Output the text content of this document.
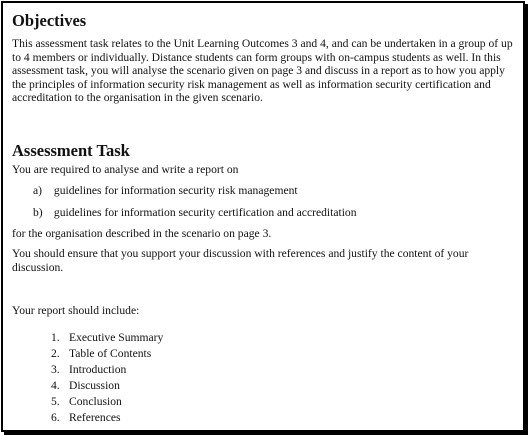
Objectives
This assessment task relates to the Unit Learning Outcomes 3 and 4, and can be undertaken in a group of up to 4 members or individually. Distance students can form groups with on-campus students as well. In this assessment task, you will analyse the scenario given on page 3 and discuss in a report as to how you apply the principles of information security risk management as well as information security certification and accreditation to the organisation in the given scenario.
Assessment Task
You are required to analyse and write a report on
a) guidelines for information security risk management
b) guidelines for information security certification and accreditation
for the organisation described in the scenario on page 3.
You should ensure that you support your discussion with references and justify the content of your discussion.
Your report should include:
1. Executive Summary
2. Table of Contents
3. Introduction
4. Discussion
5. Conclusion
6. References
